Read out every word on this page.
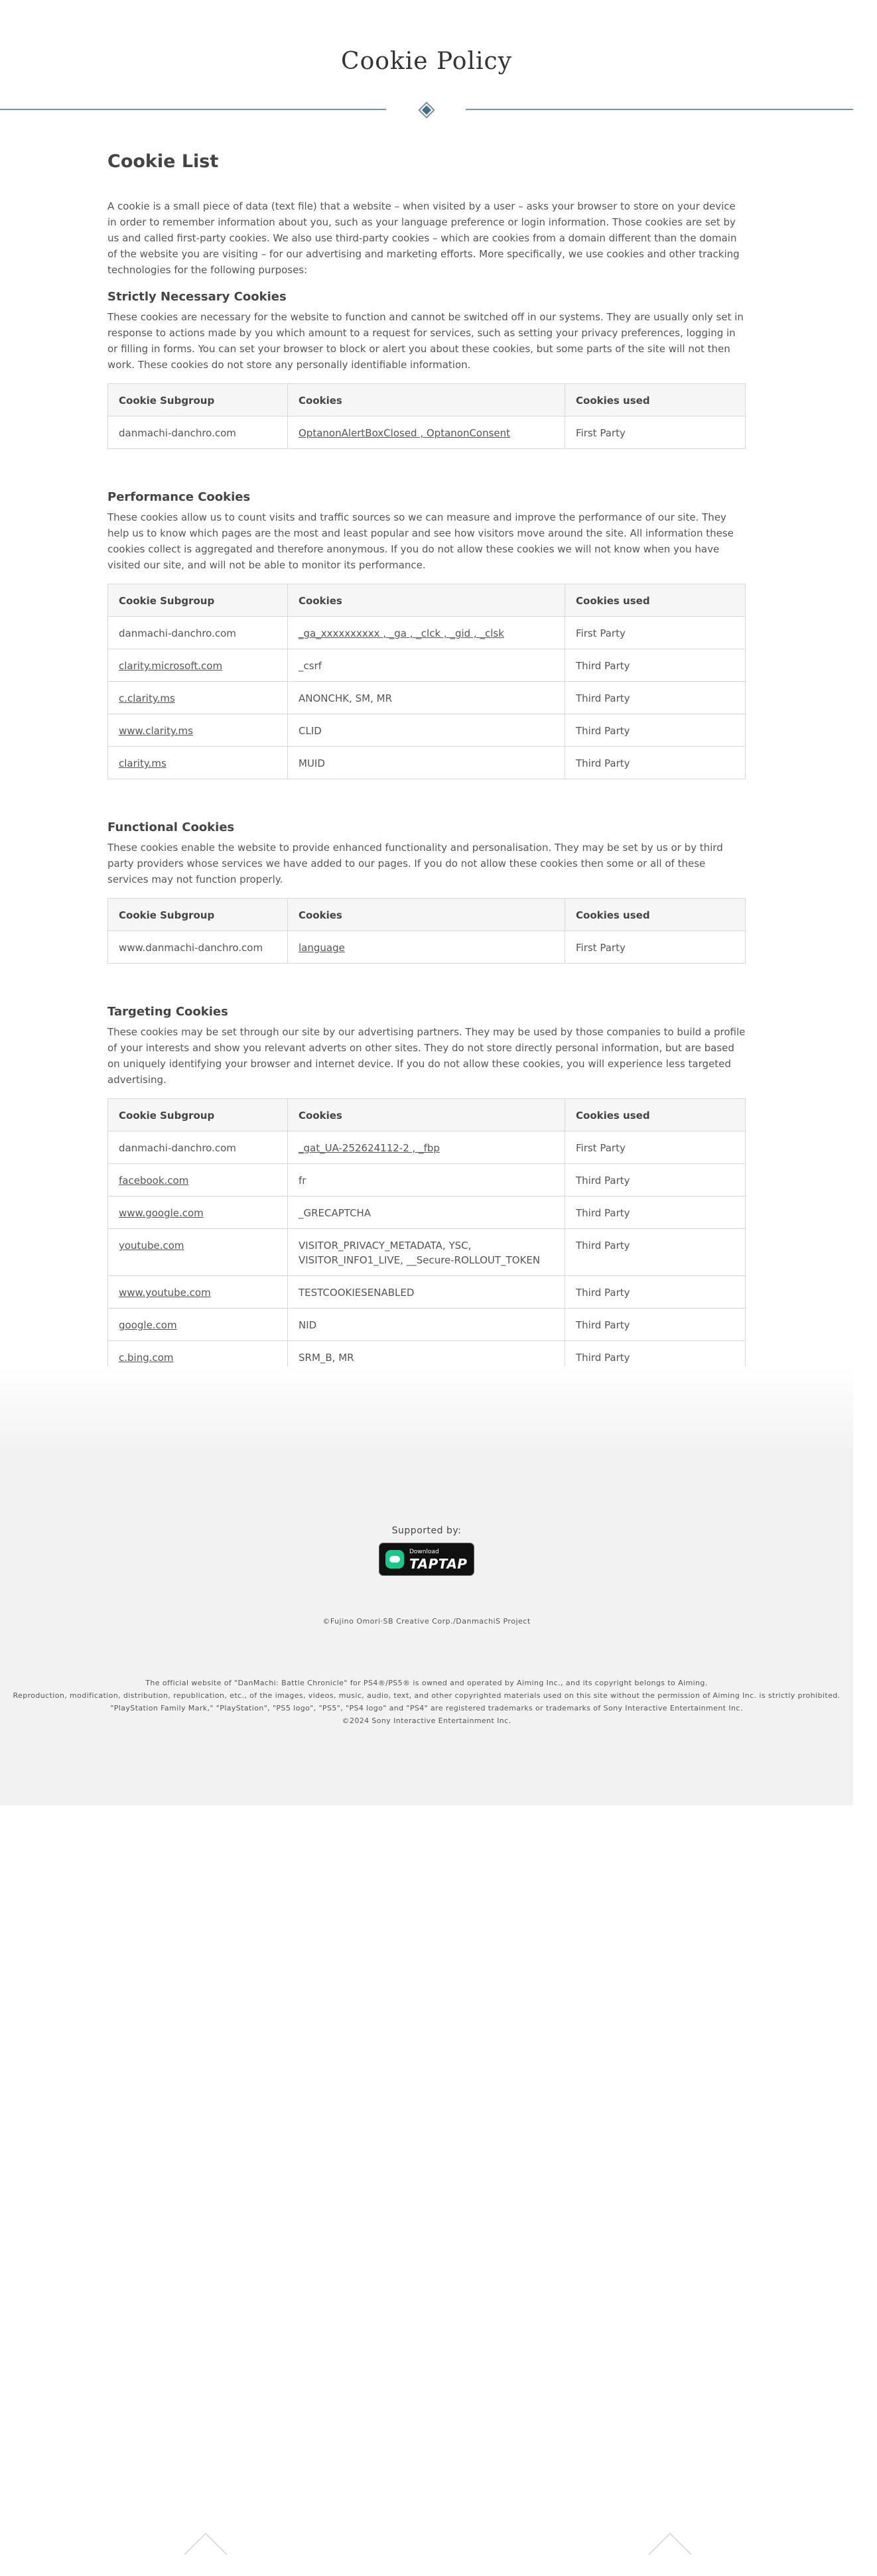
Cookie Policy
Cookie List

A cookie is a small piece of data (text file) that a website – when visited by a user – asks your browser to store on your device in order to remember information about you, such as your language preference or login information. Those cookies are set by us and called first-party cookies. We also use third-party cookies – which are cookies from a domain different than the domain of the website you are visiting – for our advertising and marketing efforts. More specifically, we use cookies and other tracking technologies for the following purposes:

Strictly Necessary Cookies

These cookies are necessary for the website to function and cannot be switched off in our systems. They are usually only set in response to actions made by you which amount to a request for services, such as setting your privacy preferences, logging in or filling in forms. You can set your browser to block or alert you about these cookies, but some parts of the site will not then work. These cookies do not store any personally identifiable information.

Cookie Subgroup	Cookies	Cookies used
danmachi-danchro.com	OptanonAlertBoxClosed , OptanonConsent	First Party
Performance Cookies

These cookies allow us to count visits and traffic sources so we can measure and improve the performance of our site. They help us to know which pages are the most and least popular and see how visitors move around the site. All information these cookies collect is aggregated and therefore anonymous. If you do not allow these cookies we will not know when you have visited our site, and will not be able to monitor its performance.

Cookie Subgroup	Cookies	Cookies used
danmachi-danchro.com	_ga_xxxxxxxxxx , _ga , _clck , _gid , _clsk	First Party
clarity.microsoft.com	_csrf	Third Party
c.clarity.ms	ANONCHK, SM, MR	Third Party
www.clarity.ms	CLID	Third Party
clarity.ms	MUID	Third Party
Functional Cookies

These cookies enable the website to provide enhanced functionality and personalisation. They may be set by us or by third party providers whose services we have added to our pages. If you do not allow these cookies then some or all of these services may not function properly.

Cookie Subgroup	Cookies	Cookies used
www.danmachi-danchro.com	language	First Party
Targeting Cookies

These cookies may be set through our site by our advertising partners. They may be used by those companies to build a profile of your interests and show you relevant adverts on other sites. They do not store directly personal information, but are based on uniquely identifying your browser and internet device. If you do not allow these cookies, you will experience less targeted advertising.

Cookie Subgroup	Cookies	Cookies used
danmachi-danchro.com	_gat_UA-252624112-2 , _fbp	First Party
facebook.com	fr	Third Party
www.google.com	_GRECAPTCHA	Third Party
youtube.com	VISITOR_PRIVACY_METADATA, YSC, VISITOR_INFO1_LIVE, __Secure-ROLLOUT_TOKEN	Third Party
www.youtube.com	TESTCOOKIESENABLED	Third Party
google.com	NID	Third Party
c.bing.com	SRM_B, MR	Third Party

Supported by:
Download
TAPTAP
©Fujino Omori·SB Creative Corp./DanmachiS Project
The official website of "DanMachi: Battle Chronicle" for PS4®/PS5® is owned and operated by Aiming Inc., and its copyright belongs to Aiming.
Reproduction, modification, distribution, republication, etc., of the images, videos, music, audio, text, and other copyrighted materials used on this site without the permission of Aiming Inc. is strictly prohibited.
"PlayStation Family Mark," "PlayStation", "PS5 logo", "PS5", "PS4 logo" and "PS4" are registered trademarks or trademarks of Sony Interactive Entertainment Inc.
©2024 Sony Interactive Entertainment Inc.
